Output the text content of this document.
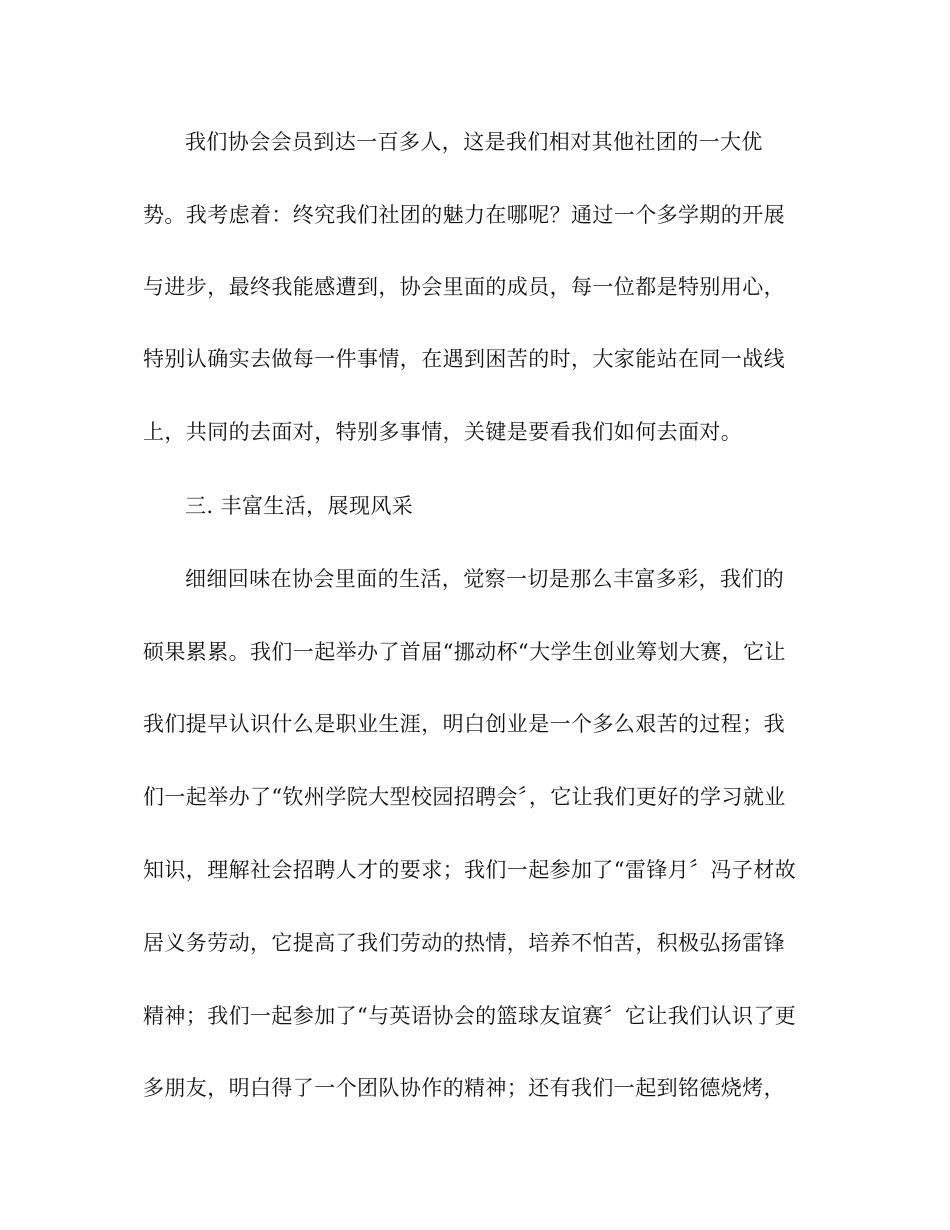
我们协会会员到达一百多人，这是我们相对其他社团的一大优
势。我考虑着：终究我们社团的魅力在哪呢？通过一个多学期的开展
与进步，最终我能感遭到，协会里面的成员，每一位都是特别用心，
特别认确实去做每一件事情，在遇到困苦的时，大家能站在同一战线
上，共同的去面对，特别多事情，关键是要看我们如何去面对。
三. 丰富生活，展现风采
细细回味在协会里面的生活，觉察一切是那么丰富多彩，我们的
硕果累累。我们一起举办了首届“挪动杯“大学生创业筹划大赛，它让
我们提早认识什么是职业生涯，明白创业是一个多么艰苦的过程；我
们一起举办了“钦州学院大型校园招聘会〞，它让我们更好的学习就业
知识，理解社会招聘人才的要求；我们一起参加了“雷锋月〞冯子材故
居义务劳动，它提高了我们劳动的热情，培养不怕苦，积极弘扬雷锋
精神；我们一起参加了“与英语协会的篮球友谊赛〞它让我们认识了更
多朋友，明白得了一个团队协作的精神；还有我们一起到铭德烧烤，
